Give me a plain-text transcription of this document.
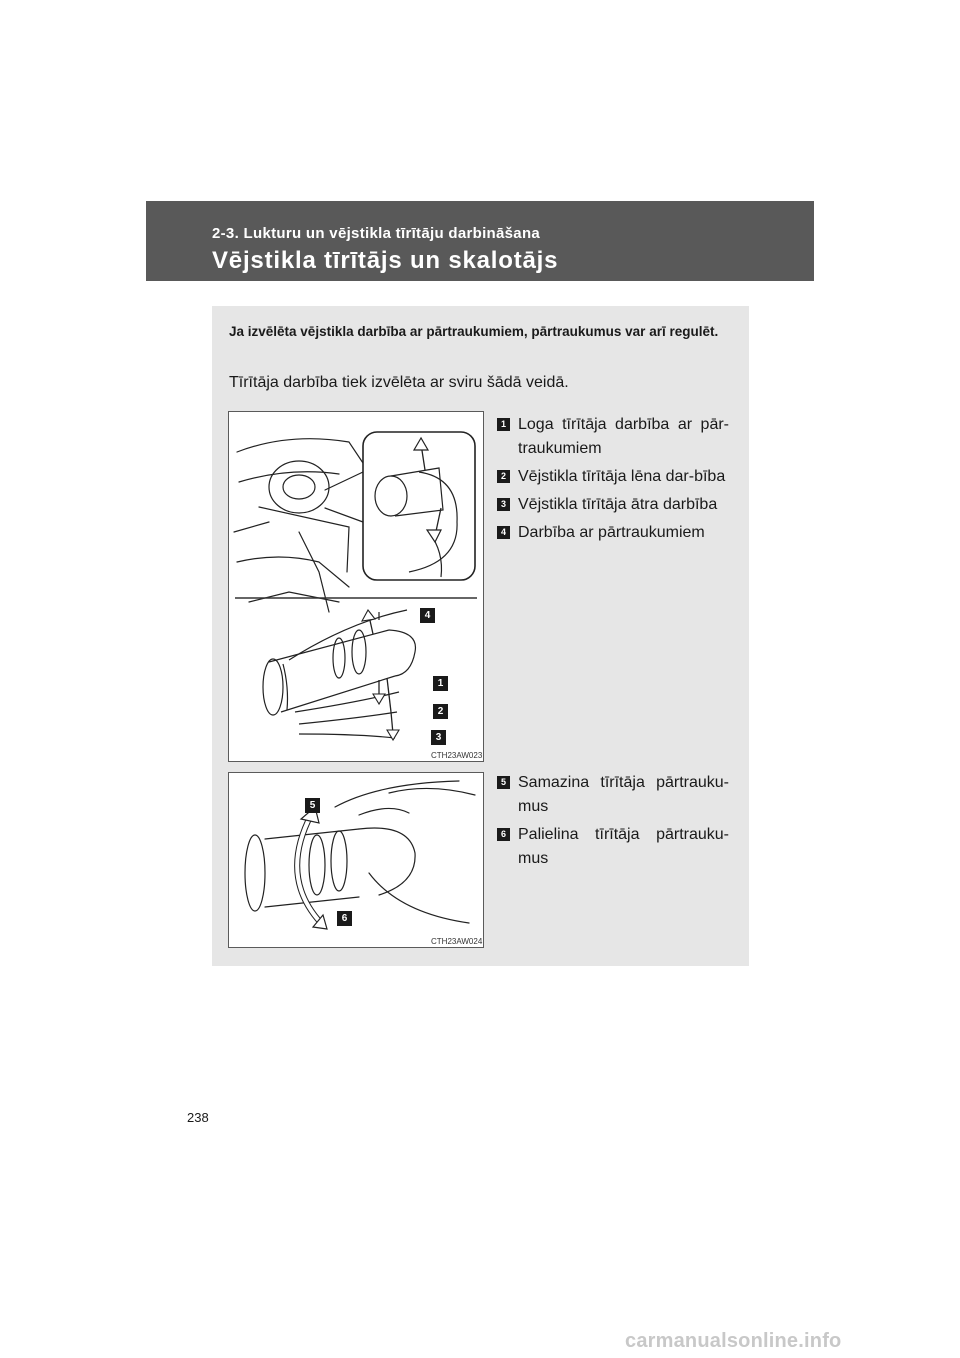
2-3. Lukturu un vējstikla tīrītāju darbināšana
Vējstikla tīrītājs un skalotājs
Ja izvēlēta vējstikla darbība ar pārtraukumiem, pārtraukumus var arī regulēt.
Tīrītāja darbība tiek izvēlēta ar sviru šādā veidā.
4
1
2
3
CTH23AW023
1 Loga tīrītāja darbība ar pār-traukumiem
2 Vējstikla tīrītāja lēna dar-bība
3 Vējstikla tīrītāja ātra darbība
4 Darbība ar pārtraukumiem
5
6
CTH23AW024
5 Samazina tīrītāja pārtrauku-mus
6 Palielina tīrītāja pārtrauku-mus
238
carmanualsonline.info
